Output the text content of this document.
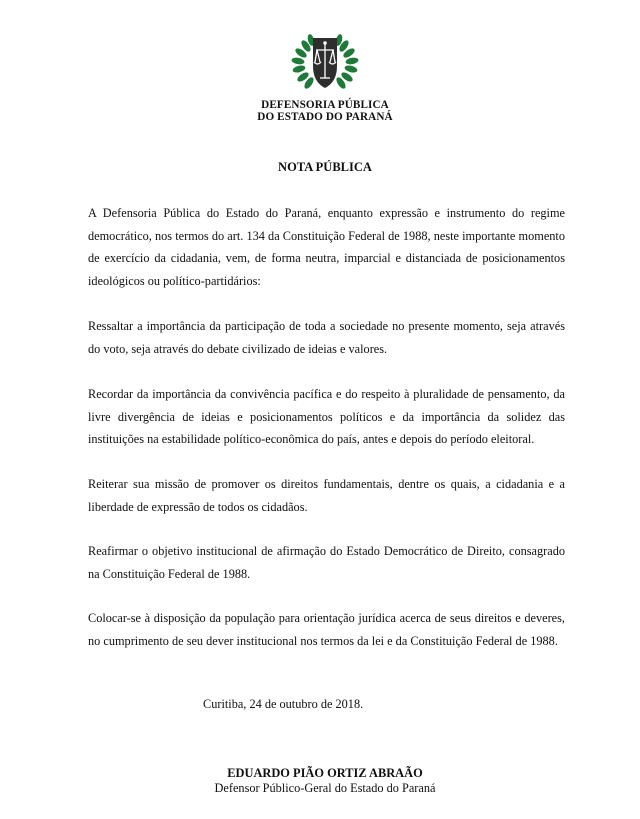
DEFENSORIA PÚBLICA
DO ESTADO DO PARANÁ
NOTA PÚBLICA

A Defensoria Pública do Estado do Paraná, enquanto expressão e instrumento do regime democrático, nos termos do art. 134 da Constituição Federal de 1988, neste importante momento de exercício da cidadania, vem, de forma neutra, imparcial e distanciada de posicionamentos ideológicos ou político-partidários:

Ressaltar a importância da participação de toda a sociedade no presente momento, seja através do voto, seja através do debate civilizado de ideias e valores.

Recordar da importância da convivência pacífica e do respeito à pluralidade de pensamento, da livre divergência de ideias e posicionamentos políticos e da importância da solidez das instituições na estabilidade político-econômica do país, antes e depois do período eleitoral.

Reiterar sua missão de promover os direitos fundamentais, dentre os quais, a cidadania e a liberdade de expressão de todos os cidadãos.

Reafirmar o objetivo institucional de afirmação do Estado Democrático de Direito, consagrado na Constituição Federal de 1988.

Colocar-se à disposição da população para orientação jurídica acerca de seus direitos e deveres, no cumprimento de seu dever institucional nos termos da lei e da Constituição Federal de 1988.

Curitiba, 24 de outubro de 2018.
EDUARDO PIÃO ORTIZ ABRAÃO
Defensor Público-Geral do Estado do Paraná
